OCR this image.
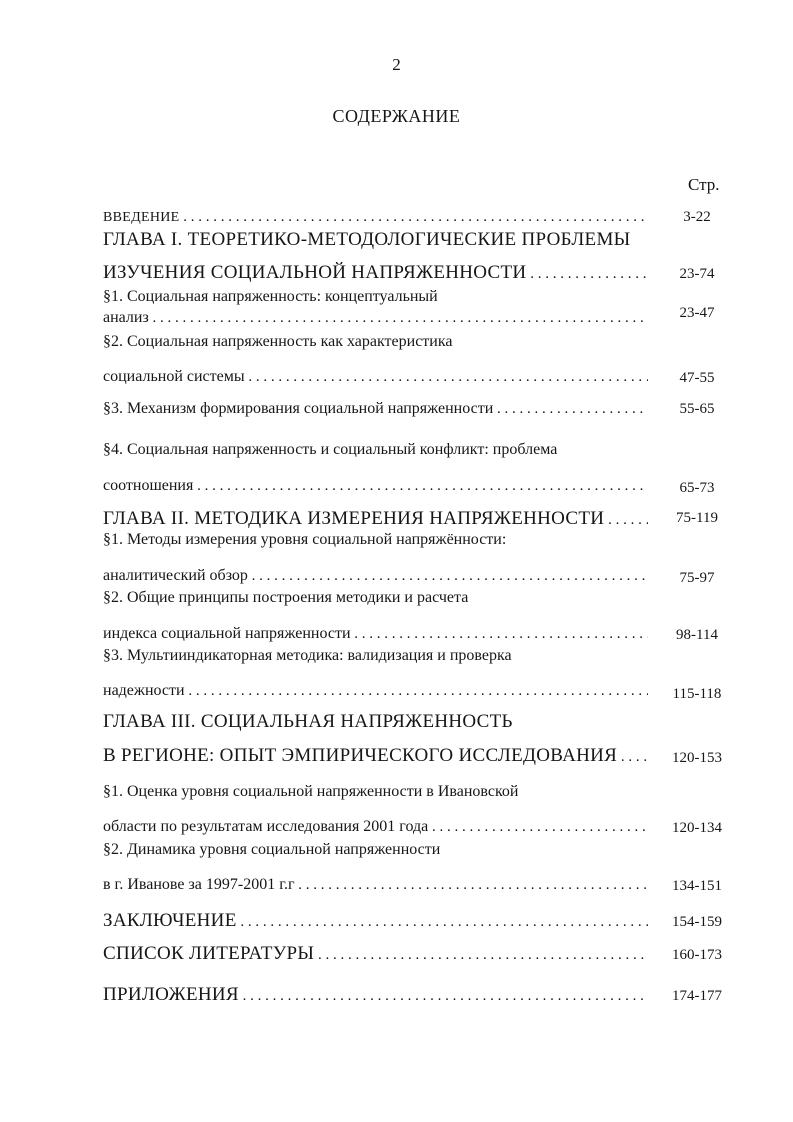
2
СОДЕРЖАНИЕ
Стр.
ВВЕДЕНИЕ . . .	3-22
ГЛАВА I. ТЕОРЕТИКО-МЕТОДОЛОГИЧЕСКИЕ ПРОБЛЕМЫ
ИЗУЧЕНИЯ СОЦИАЛЬНОЙ НАПРЯЖЕННОСТИ . . .	23-74
§1. Социальная напряженность: концептуальный
анализ . . .	23-47
§2. Социальная напряженность как характеристика
социальной системы . . .	47-55
§3. Механизм формирования социальной напряженности . . .	55-65
§4. Социальная напряженность и социальный конфликт: проблема
соотношения . . .	65-73
ГЛАВА II. МЕТОДИКА ИЗМЕРЕНИЯ НАПРЯЖЕННОСТИ . . .	75-119
§1. Методы измерения уровня социальной напряжённости:
аналитический обзор . . .	75-97
§2. Общие принципы построения методики и расчета
индекса социальной напряженности . . .	98-114
§3. Мультииндикаторная методика: валидизация и проверка
надежности . . .	115-118
ГЛАВА III. СОЦИАЛЬНАЯ НАПРЯЖЕННОСТЬ
В РЕГИОНЕ: ОПЫТ ЭМПИРИЧЕСКОГО ИССЛЕДОВАНИЯ . . .	120-153
§1. Оценка уровня социальной напряженности в Ивановской
области по результатам исследования 2001 года . . .	120-134
§2. Динамика уровня социальной напряженности
в г. Иванове за 1997-2001 г.г . . .	134-151
ЗАКЛЮЧЕНИЕ . . .	154-159
СПИСОК ЛИТЕРАТУРЫ . . .	160-173
ПРИЛОЖЕНИЯ . . .	174-177
